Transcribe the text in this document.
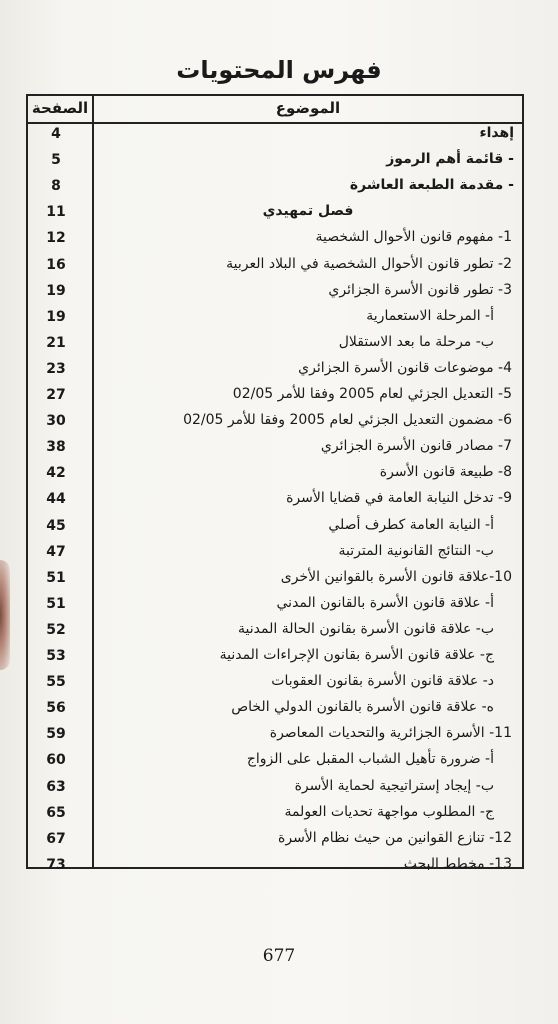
فهرس المحتويات
الصفحة	الموضوع
4	إهداء
5	- قائمة أهم الرموز
8	- مقدمة الطبعة العاشرة
11	فصل تمهيدي
12	1- مفهوم قانون الأحوال الشخصية
16	2- تطور قانون الأحوال الشخصية في البلاد العربية
19	3- تطور قانون الأسرة الجزائري
19	أ- المرحلة الاستعمارية
21	ب- مرحلة ما بعد الاستقلال
23	4- موضوعات قانون الأسرة الجزائري
27	5- التعديل الجزئي لعام 2005 وفقا للأمر 02/05
30	6- مضمون التعديل الجزئي لعام 2005 وفقا للأمر 02/05
38	7- مصادر قانون الأسرة الجزائري
42	8- طبيعة قانون الأسرة
44	9- تدخل النيابة العامة في قضايا الأسرة
45	أ- النيابة العامة كطرف أصلي
47	ب- النتائج القانونية المترتبة
51	10-علاقة قانون الأسرة بالقوانين الأخرى
51	أ- علاقة قانون الأسرة بالقانون المدني
52	ب- علاقة قانون الأسرة بقانون الحالة المدنية
53	ج- علاقة قانون الأسرة بقانون الإجراءات المدنية
55	د- علاقة قانون الأسرة بقانون العقوبات
56	ه- علاقة قانون الأسرة بالقانون الدولي الخاص
59	11- الأسرة الجزائرية والتحديات المعاصرة
60	أ- ضرورة تأهيل الشباب المقبل على الزواج
63	ب- إيجاد إستراتيجية لحماية الأسرة
65	ج- المطلوب مواجهة تحديات العولمة
67	12- تنازع القوانين من حيث نظام الأسرة
73	13- مخطط البحث
677
